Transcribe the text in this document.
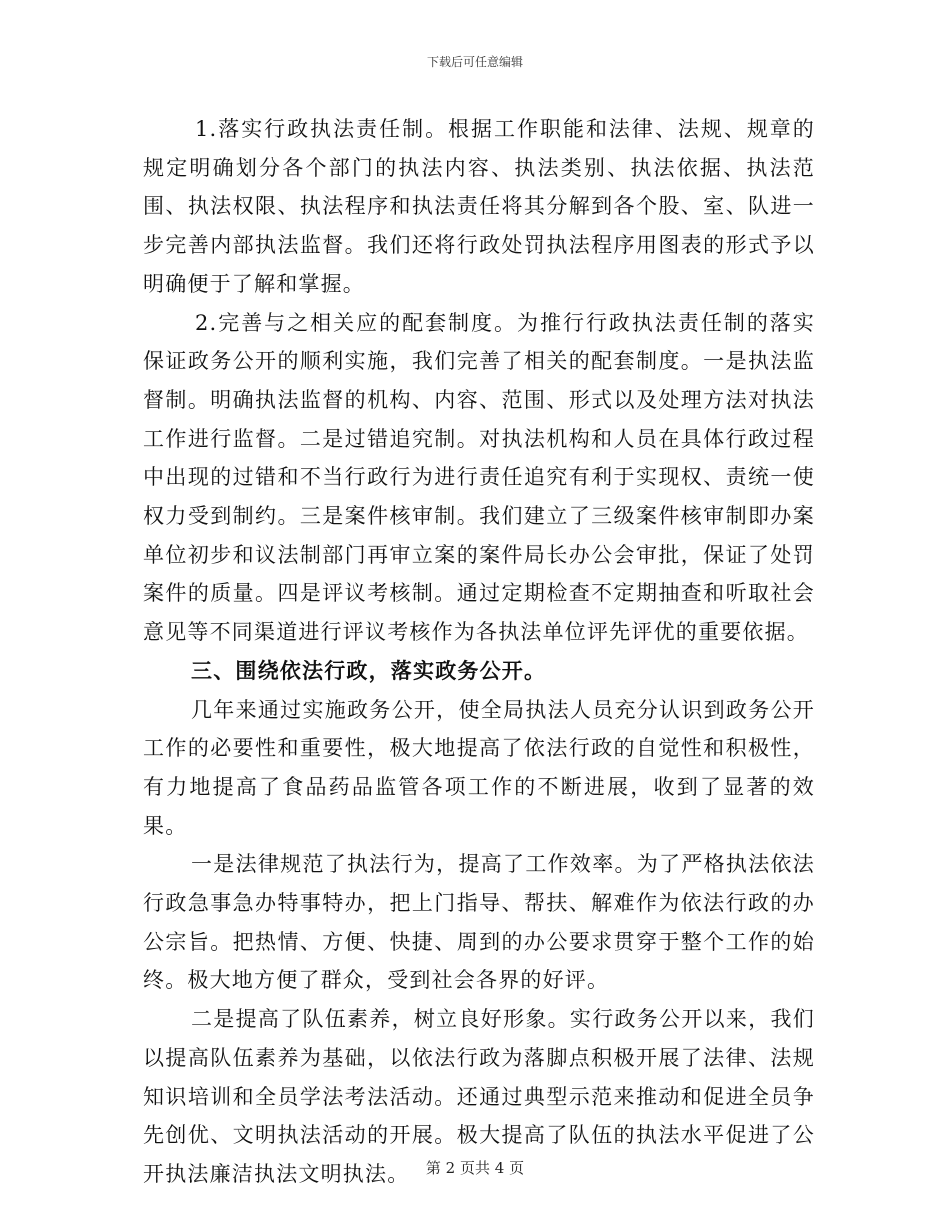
下载后可任意编辑

1.落实行政执法责任制。根据工作职能和法律、法规、规章的规定明确划分各个部门的执法内容、执法类别、执法依据、执法范围、执法权限、执法程序和执法责任将其分解到各个股、室、队进一步完善内部执法监督。我们还将行政处罚执法程序用图表的形式予以明确便于了解和掌握。

2.完善与之相关应的配套制度。为推行行政执法责任制的落实保证政务公开的顺利实施，我们完善了相关的配套制度。一是执法监督制。明确执法监督的机构、内容、范围、形式以及处理方法对执法工作进行监督。二是过错追究制。对执法机构和人员在具体行政过程中出现的过错和不当行政行为进行责任追究有利于实现权、责统一使权力受到制约。三是案件核审制。我们建立了三级案件核审制即办案单位初步和议法制部门再审立案的案件局长办公会审批，保证了处罚案件的质量。四是评议考核制。通过定期检查不定期抽查和听取社会意见等不同渠道进行评议考核作为各执法单位评先评优的重要依据。

三、围绕依法行政，落实政务公开。

几年来通过实施政务公开，使全局执法人员充分认识到政务公开工作的必要性和重要性，极大地提高了依法行政的自觉性和积极性，有力地提高了食品药品监管各项工作的不断进展，收到了显著的效果。

一是法律规范了执法行为，提高了工作效率。为了严格执法依法行政急事急办特事特办，把上门指导、帮扶、解难作为依法行政的办公宗旨。把热情、方便、快捷、周到的办公要求贯穿于整个工作的始终。极大地方便了群众，受到社会各界的好评。

二是提高了队伍素养，树立良好形象。实行政务公开以来，我们以提高队伍素养为基础，以依法行政为落脚点积极开展了法律、法规知识培训和全员学法考法活动。还通过典型示范来推动和促进全员争先创优、文明执法活动的开展。极大提高了队伍的执法水平促进了公开执法廉洁执法文明执法。	第 2 页共 4 页
